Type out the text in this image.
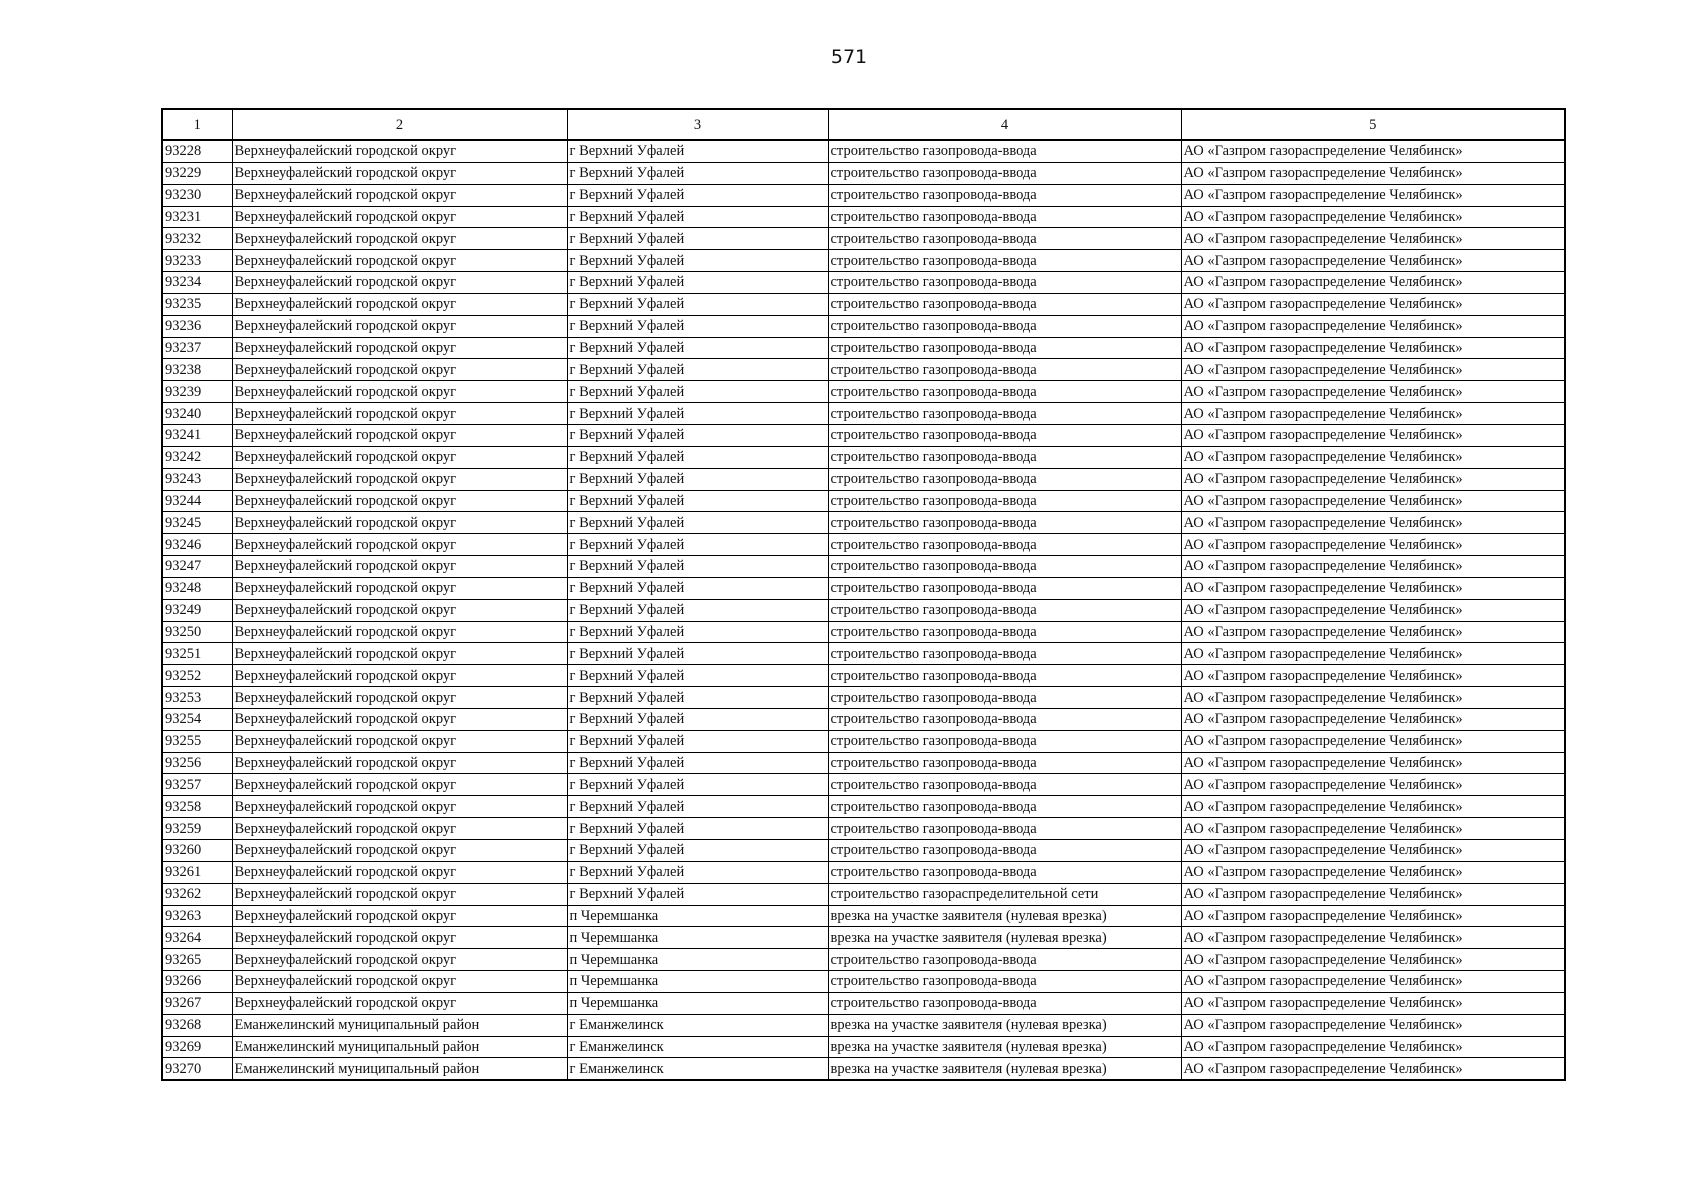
571
1	2	3	4	5
93228	Верхнеуфалейский городской округ	г Верхний Уфалей	строительство газопровода-ввода	АО «Газпром газораспределение Челябинск»
93229	Верхнеуфалейский городской округ	г Верхний Уфалей	строительство газопровода-ввода	АО «Газпром газораспределение Челябинск»
93230	Верхнеуфалейский городской округ	г Верхний Уфалей	строительство газопровода-ввода	АО «Газпром газораспределение Челябинск»
93231	Верхнеуфалейский городской округ	г Верхний Уфалей	строительство газопровода-ввода	АО «Газпром газораспределение Челябинск»
93232	Верхнеуфалейский городской округ	г Верхний Уфалей	строительство газопровода-ввода	АО «Газпром газораспределение Челябинск»
93233	Верхнеуфалейский городской округ	г Верхний Уфалей	строительство газопровода-ввода	АО «Газпром газораспределение Челябинск»
93234	Верхнеуфалейский городской округ	г Верхний Уфалей	строительство газопровода-ввода	АО «Газпром газораспределение Челябинск»
93235	Верхнеуфалейский городской округ	г Верхний Уфалей	строительство газопровода-ввода	АО «Газпром газораспределение Челябинск»
93236	Верхнеуфалейский городской округ	г Верхний Уфалей	строительство газопровода-ввода	АО «Газпром газораспределение Челябинск»
93237	Верхнеуфалейский городской округ	г Верхний Уфалей	строительство газопровода-ввода	АО «Газпром газораспределение Челябинск»
93238	Верхнеуфалейский городской округ	г Верхний Уфалей	строительство газопровода-ввода	АО «Газпром газораспределение Челябинск»
93239	Верхнеуфалейский городской округ	г Верхний Уфалей	строительство газопровода-ввода	АО «Газпром газораспределение Челябинск»
93240	Верхнеуфалейский городской округ	г Верхний Уфалей	строительство газопровода-ввода	АО «Газпром газораспределение Челябинск»
93241	Верхнеуфалейский городской округ	г Верхний Уфалей	строительство газопровода-ввода	АО «Газпром газораспределение Челябинск»
93242	Верхнеуфалейский городской округ	г Верхний Уфалей	строительство газопровода-ввода	АО «Газпром газораспределение Челябинск»
93243	Верхнеуфалейский городской округ	г Верхний Уфалей	строительство газопровода-ввода	АО «Газпром газораспределение Челябинск»
93244	Верхнеуфалейский городской округ	г Верхний Уфалей	строительство газопровода-ввода	АО «Газпром газораспределение Челябинск»
93245	Верхнеуфалейский городской округ	г Верхний Уфалей	строительство газопровода-ввода	АО «Газпром газораспределение Челябинск»
93246	Верхнеуфалейский городской округ	г Верхний Уфалей	строительство газопровода-ввода	АО «Газпром газораспределение Челябинск»
93247	Верхнеуфалейский городской округ	г Верхний Уфалей	строительство газопровода-ввода	АО «Газпром газораспределение Челябинск»
93248	Верхнеуфалейский городской округ	г Верхний Уфалей	строительство газопровода-ввода	АО «Газпром газораспределение Челябинск»
93249	Верхнеуфалейский городской округ	г Верхний Уфалей	строительство газопровода-ввода	АО «Газпром газораспределение Челябинск»
93250	Верхнеуфалейский городской округ	г Верхний Уфалей	строительство газопровода-ввода	АО «Газпром газораспределение Челябинск»
93251	Верхнеуфалейский городской округ	г Верхний Уфалей	строительство газопровода-ввода	АО «Газпром газораспределение Челябинск»
93252	Верхнеуфалейский городской округ	г Верхний Уфалей	строительство газопровода-ввода	АО «Газпром газораспределение Челябинск»
93253	Верхнеуфалейский городской округ	г Верхний Уфалей	строительство газопровода-ввода	АО «Газпром газораспределение Челябинск»
93254	Верхнеуфалейский городской округ	г Верхний Уфалей	строительство газопровода-ввода	АО «Газпром газораспределение Челябинск»
93255	Верхнеуфалейский городской округ	г Верхний Уфалей	строительство газопровода-ввода	АО «Газпром газораспределение Челябинск»
93256	Верхнеуфалейский городской округ	г Верхний Уфалей	строительство газопровода-ввода	АО «Газпром газораспределение Челябинск»
93257	Верхнеуфалейский городской округ	г Верхний Уфалей	строительство газопровода-ввода	АО «Газпром газораспределение Челябинск»
93258	Верхнеуфалейский городской округ	г Верхний Уфалей	строительство газопровода-ввода	АО «Газпром газораспределение Челябинск»
93259	Верхнеуфалейский городской округ	г Верхний Уфалей	строительство газопровода-ввода	АО «Газпром газораспределение Челябинск»
93260	Верхнеуфалейский городской округ	г Верхний Уфалей	строительство газопровода-ввода	АО «Газпром газораспределение Челябинск»
93261	Верхнеуфалейский городской округ	г Верхний Уфалей	строительство газопровода-ввода	АО «Газпром газораспределение Челябинск»
93262	Верхнеуфалейский городской округ	г Верхний Уфалей	строительство газораспределительной сети	АО «Газпром газораспределение Челябинск»
93263	Верхнеуфалейский городской округ	п Черемшанка	врезка на участке заявителя (нулевая врезка)	АО «Газпром газораспределение Челябинск»
93264	Верхнеуфалейский городской округ	п Черемшанка	врезка на участке заявителя (нулевая врезка)	АО «Газпром газораспределение Челябинск»
93265	Верхнеуфалейский городской округ	п Черемшанка	строительство газопровода-ввода	АО «Газпром газораспределение Челябинск»
93266	Верхнеуфалейский городской округ	п Черемшанка	строительство газопровода-ввода	АО «Газпром газораспределение Челябинск»
93267	Верхнеуфалейский городской округ	п Черемшанка	строительство газопровода-ввода	АО «Газпром газораспределение Челябинск»
93268	Еманжелинский муниципальный район	г Еманжелинск	врезка на участке заявителя (нулевая врезка)	АО «Газпром газораспределение Челябинск»
93269	Еманжелинский муниципальный район	г Еманжелинск	врезка на участке заявителя (нулевая врезка)	АО «Газпром газораспределение Челябинск»
93270	Еманжелинский муниципальный район	г Еманжелинск	врезка на участке заявителя (нулевая врезка)	АО «Газпром газораспределение Челябинск»
